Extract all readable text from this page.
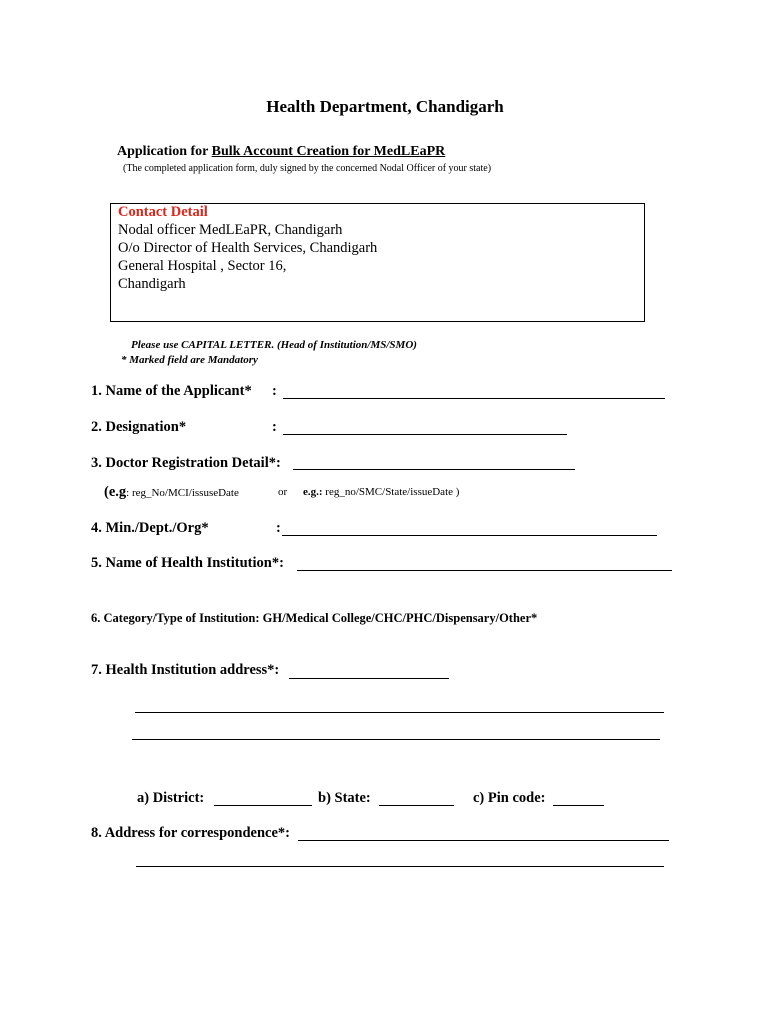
Health Department, Chandigarh
Application for Bulk Account Creation for MedLEaPR
(The completed application form, duly signed by the concerned Nodal Officer of your state)
Contact Detail
Nodal officer MedLEaPR, Chandigarh
O/o Director of Health Services, Chandigarh
General Hospital , Sector 16,
Chandigarh
Please use CAPITAL LETTER. (Head of Institution/MS/SMO)
* Marked field are Mandatory
1. Name of the Applicant* :
2. Designation*	:
3. Doctor Registration Detail*:
(e.g: reg_No/MCI/issuseDate	or e.g.: reg_no/SMC/State/issueDate )
4. Min./Dept./Org*	:
5. Name of Health Institution*:
6. Category/Type of Institution: GH/Medical College/CHC/PHC/Dispensary/Other*
7. Health Institution address*:
a) District:	b) State:	c) Pin code:
8. Address for correspondence*:
